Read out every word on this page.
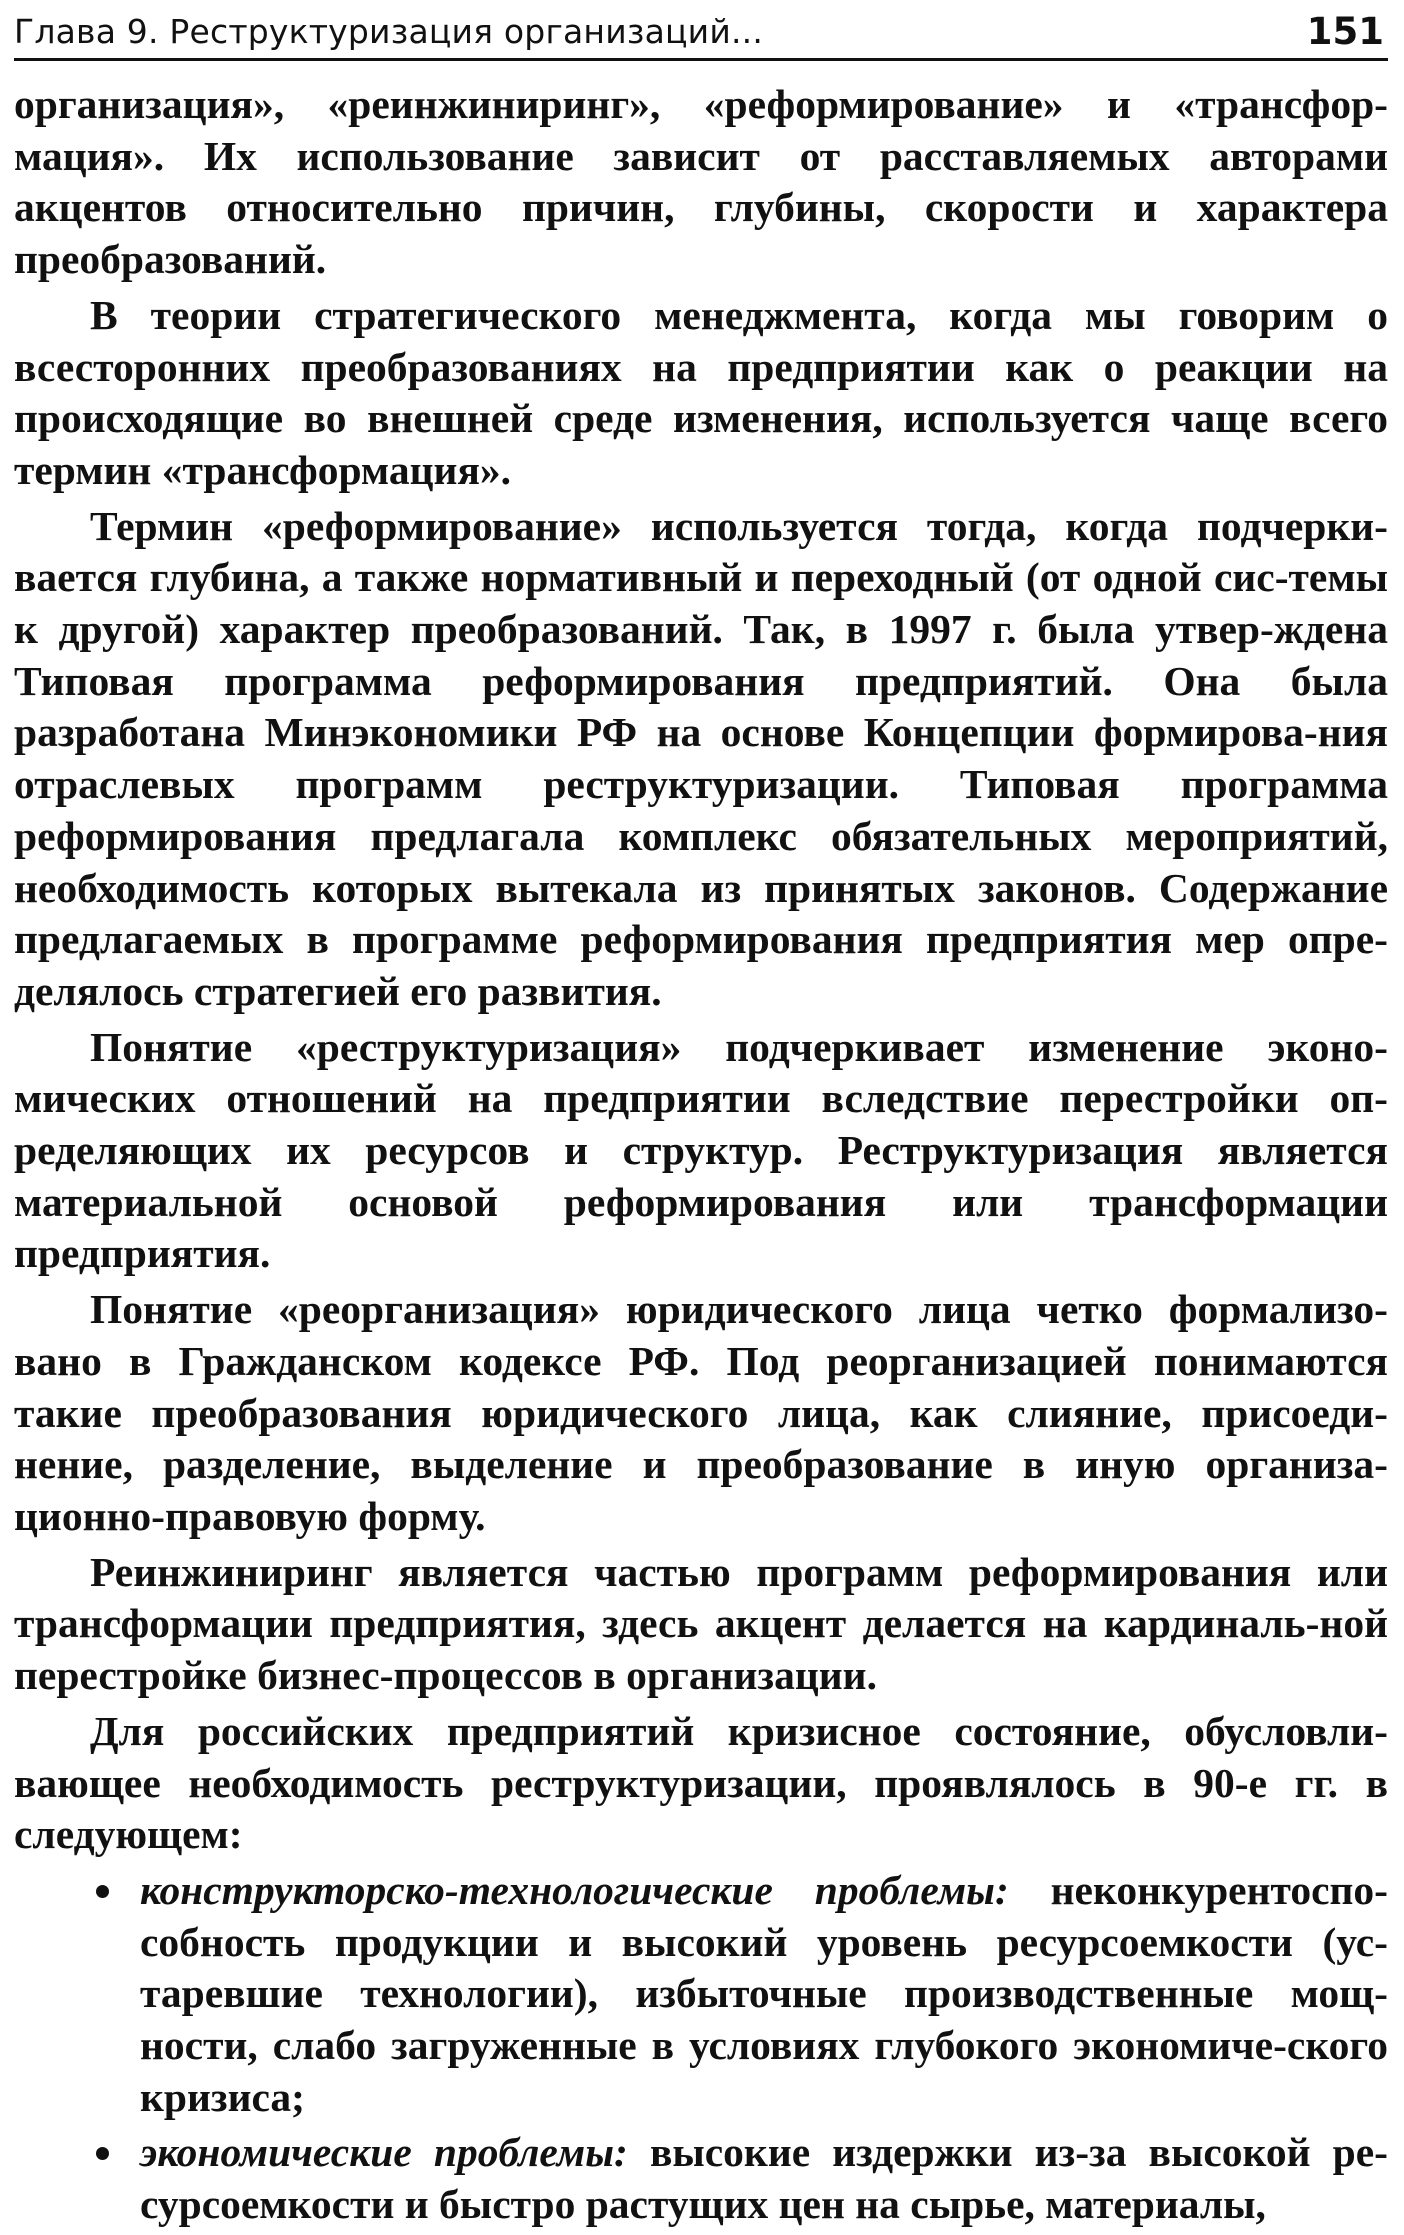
Глава 9. Реструктуризация организаций...	151

организация», «реинжиниринг», «реформирование» и «трансфор-мация». Их использование зависит от расставляемых авторами акцентов относительно причин, глубины, скорости и характера преобразований.

В теории стратегического менеджмента, когда мы говорим о всесторонних преобразованиях на предприятии как о реакции на происходящие во внешней среде изменения, используется чаще всего термин «трансформация».

Термин «реформирование» используется тогда, когда подчерки-вается глубина, а также нормативный и переходный (от одной сис-темы к другой) характер преобразований. Так, в 1997 г. была утвер-ждена Типовая программа реформирования предприятий. Она была разработана Минэкономики РФ на основе Концепции формирова-ния отраслевых программ реструктуризации. Типовая программа реформирования предлагала комплекс обязательных мероприятий, необходимость которых вытекала из принятых законов. Содержание предлагаемых в программе реформирования предприятия мер опре-делялось стратегией его развития.

Понятие «реструктуризация» подчеркивает изменение эконо-мических отношений на предприятии вследствие перестройки оп-ределяющих их ресурсов и структур. Реструктуризация является материальной основой реформирования или трансформации предприятия.

Понятие «реорганизация» юридического лица четко формализо-вано в Гражданском кодексе РФ. Под реорганизацией понимаются такие преобразования юридического лица, как слияние, присоеди-нение, разделение, выделение и преобразование в иную организа-ционно-правовую форму.

Реинжиниринг является частью программ реформирования или трансформации предприятия, здесь акцент делается на кардиналь-ной перестройке бизнес-процессов в организации.

Для российских предприятий кризисное состояние, обусловли-вающее необходимость реструктуризации, проявлялось в 90-е гг. в следующем:

конструкторско-технологические проблемы: неконкурентоспо-собность продукции и высокий уровень ресурсоемкости (ус-таревшие технологии), избыточные производственные мощ-ности, слабо загруженные в условиях глубокого экономиче-ского кризиса;
экономические проблемы: высокие издержки из-за высокой ре-сурсоемкости и быстро растущих цен на сырье, материалы,
